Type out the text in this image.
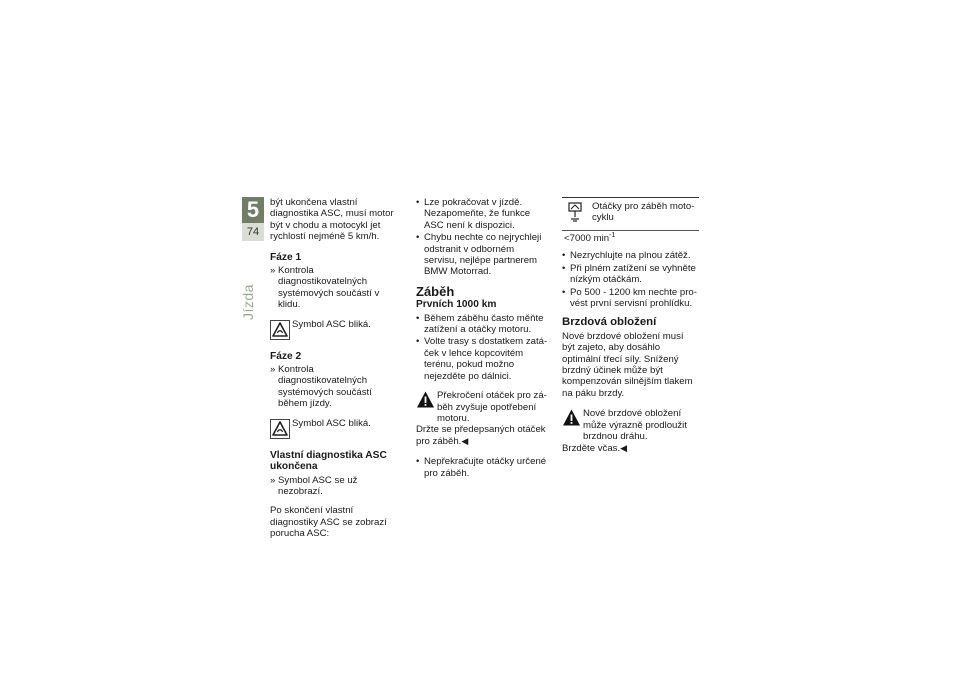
5
74
Jízda

být ukončena vlastní diagnostika ASC, musí motor být v chodu a motocykl jet rychlostí nejméně 5 km/h.

Fáze 1
» Kontrola diagnostikovatelných systémových součástí v klidu.
Symbol ASC bliká.
Fáze 2
» Kontrola diagnostikovatelných systémových součástí během jízdy.
Symbol ASC bliká.
Vlastní diagnostika ASC ukončena
» Symbol ASC se už nezobrazí.

Po skončení vlastní diagnostiky ASC se zobrazí porucha ASC:

• Lze pokračovat v jízdě. Nezapomeňte, že funkce ASC není k dispozici.
• Chybu nechte co nejrychleji odstranit v odborném servisu, nejlépe partnerem BMW Motorrad.
Záběh
Prvních 1000 km
• Během záběhu často měňte zatížení a otáčky motoru.
• Volte trasy s dostatkem zatáček v lehce kopcovitém terénu, pokud možno nejezděte po dálnici.
Překročení otáček pro záběh zvyšuje opotřebení motoru.

Držte se předepsaných otáček pro záběh.◀

• Nepřekračujte otáčky určené pro záběh.
Otáčky pro záběh motocyklu
<7000 $\min^{-1}$
• Nezrychlujte na plnou zátěž.
• Při plném zatížení se vyhněte nízkým otáčkám.
• Po 500 - 1200 km nechte provést první servisní prohlídku.
Brzdová obložení

Nové brzdové obložení musí být zajeto, aby dosáhlo optimální třecí síly. Snížený brzdný účinek může být kompenzován silnějším tlakem na páku brzdy.

Nové brzdové obložení může výrazně prodloužit brzdnou dráhu.

Brzděte včas.◀
